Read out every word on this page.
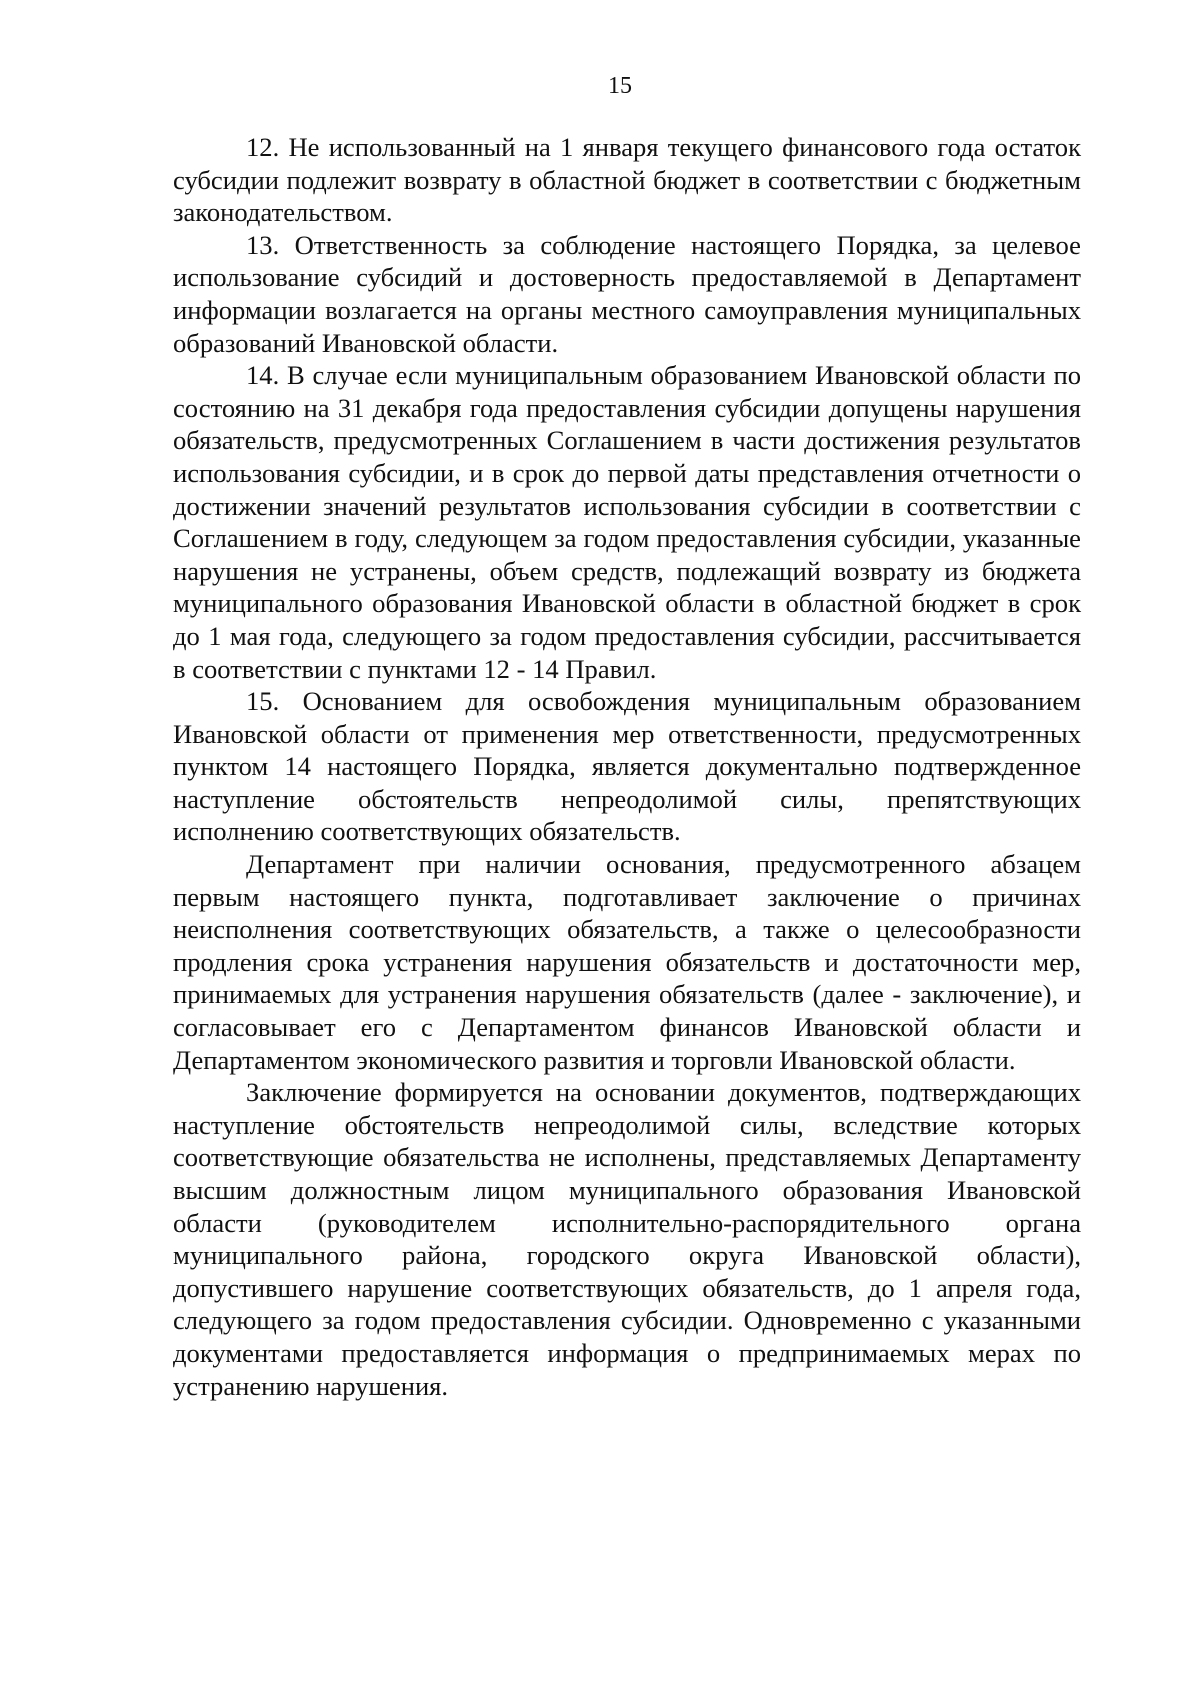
15

12. Не использованный на 1 января текущего финансового года остаток субсидии подлежит возврату в областной бюджет в соответствии с бюджетным законодательством.

13. Ответственность за соблюдение настоящего Порядка, за целевое использование субсидий и достоверность предоставляемой в Департамент информации возлагается на органы местного самоуправления муниципальных образований Ивановской области.

14. В случае если муниципальным образованием Ивановской области по состоянию на 31 декабря года предоставления субсидии допущены нарушения обязательств, предусмотренных Соглашением в части достижения результатов использования субсидии, и в срок до первой даты представления отчетности о достижении значений результатов использования субсидии в соответствии с Соглашением в году, следующем за годом предоставления субсидии, указанные нарушения не устранены, объем средств, подлежащий возврату из бюджета муниципального образования Ивановской области в областной бюджет в срок до 1 мая года, следующего за годом предоставления субсидии, рассчитывается в соответствии с пунктами 12 - 14 Правил.

15. Основанием для освобождения муниципальным образованием Ивановской области от применения мер ответственности, предусмотренных пунктом 14 настоящего Порядка, является документально подтвержденное наступление обстоятельств непреодолимой силы, препятствующих исполнению соответствующих обязательств.

Департамент при наличии основания, предусмотренного абзацем первым настоящего пункта, подготавливает заключение о причинах неисполнения соответствующих обязательств, а также о целесообразности продления срока устранения нарушения обязательств и достаточности мер, принимаемых для устранения нарушения обязательств (далее - заключение), и согласовывает его с Департаментом финансов Ивановской области и Департаментом экономического развития и торговли Ивановской области.

Заключение формируется на основании документов, подтверждающих наступление обстоятельств непреодолимой силы, вследствие которых соответствующие обязательства не исполнены, представляемых Департаменту высшим должностным лицом муниципального образования Ивановской области (руководителем исполнительно-распорядительного органа муниципального района, городского округа Ивановской области), допустившего нарушение соответствующих обязательств, до 1 апреля года, следующего за годом предоставления субсидии. Одновременно с указанными документами предоставляется информация о предпринимаемых мерах по устранению нарушения.
